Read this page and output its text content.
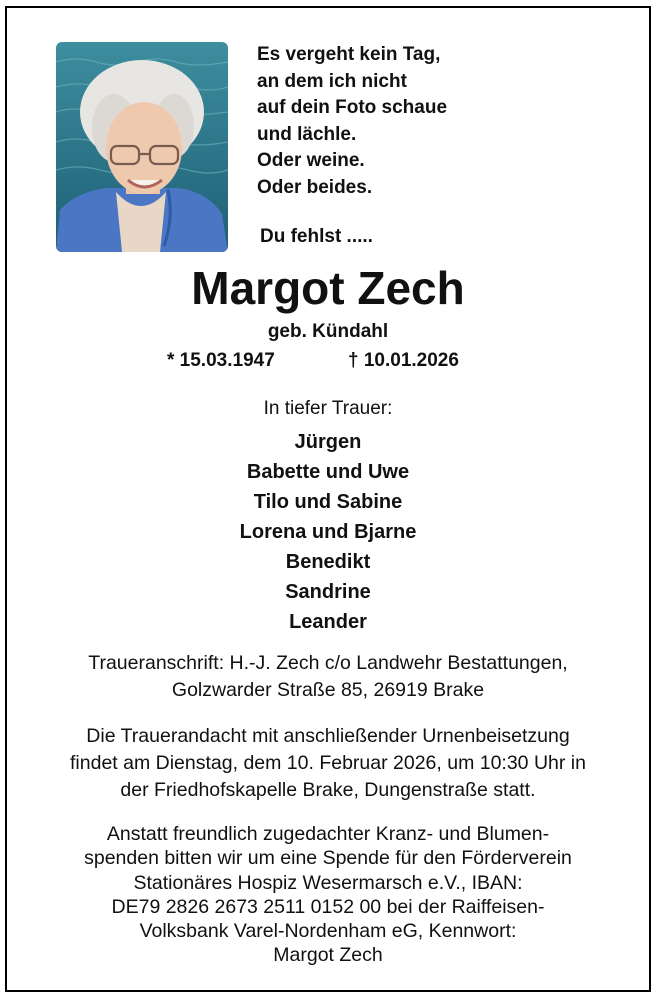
Es vergeht kein Tag,
an dem ich nicht
auf dein Foto schaue
und lächle.
Oder weine.
Oder beides.
Du fehlst .....
Margot Zech
geb. Kündahl
* 15.03.1947	† 10.01.2026
In tiefer Trauer:
Jürgen
Babette und Uwe
Tilo und Sabine
Lorena und Bjarne
Benedikt
Sandrine
Leander
Traueranschrift: H.-J. Zech c/o Landwehr Bestattungen,
Golzwarder Straße 85, 26919 Brake
Die Trauerandacht mit anschließender Urnenbeisetzung
findet am Dienstag, dem 10. Februar 2026, um 10:30 Uhr in
der Friedhofskapelle Brake, Dungenstraße statt.
Anstatt freundlich zugedachter Kranz- und Blumen-
spenden bitten wir um eine Spende für den Förderverein
Stationäres Hospiz Wesermarsch e.V., IBAN:
DE79 2826 2673 2511 0152 00 bei der Raiffeisen-
Volksbank Varel-Nordenham eG, Kennwort:
Margot Zech
